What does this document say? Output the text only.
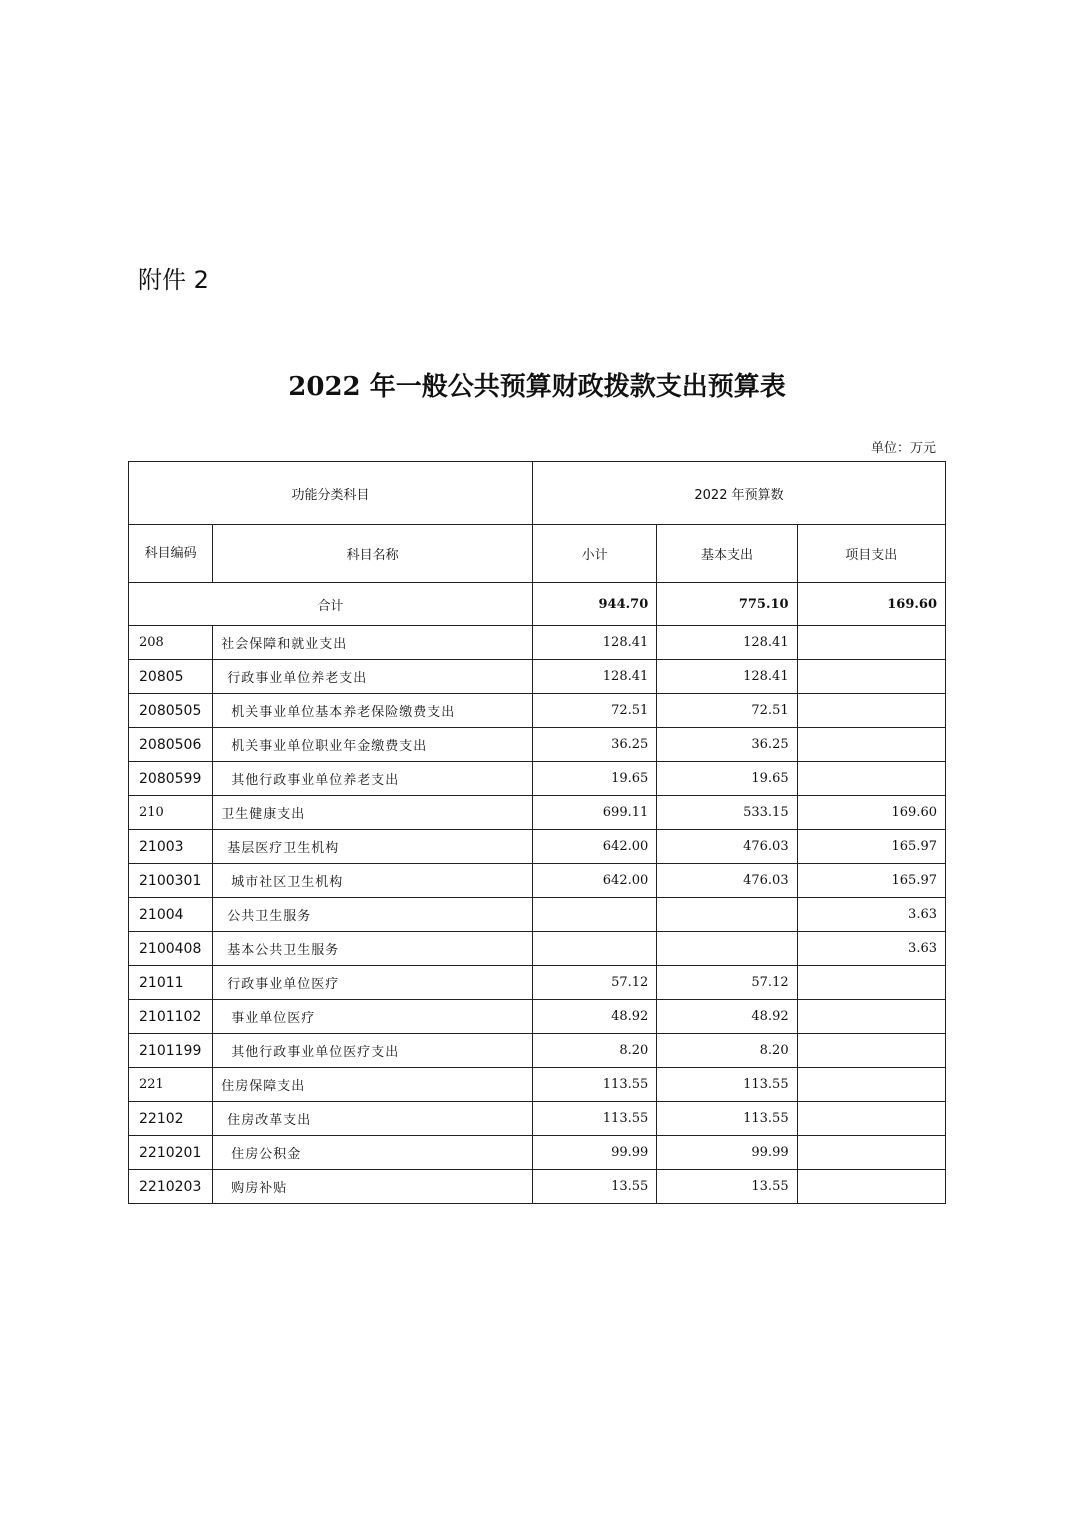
附件 2
2022 年一般公共预算财政拨款支出预算表
单位：万元
功能分类科目		2022 年预算数		
科目编码	科目名称	小计	基本支出	项目支出
合计		944.70	775.10	169.60
208	社会保障和就业支出	128.41	128.41	
20805	行政事业单位养老支出	128.41	128.41	
2080505	机关事业单位基本养老保险缴费支出	72.51	72.51	
2080506	机关事业单位职业年金缴费支出	36.25	36.25	
2080599	其他行政事业单位养老支出	19.65	19.65	
210	卫生健康支出	699.11	533.15	169.60
21003	基层医疗卫生机构	642.00	476.03	165.97
2100301	城市社区卫生机构	642.00	476.03	165.97
21004	公共卫生服务			3.63
2100408	基本公共卫生服务			3.63
21011	行政事业单位医疗	57.12	57.12	
2101102	事业单位医疗	48.92	48.92	
2101199	其他行政事业单位医疗支出	8.20	8.20	
221	住房保障支出	113.55	113.55	
22102	住房改革支出	113.55	113.55	
2210201	住房公积金	99.99	99.99	
2210203	购房补贴	13.55	13.55	
